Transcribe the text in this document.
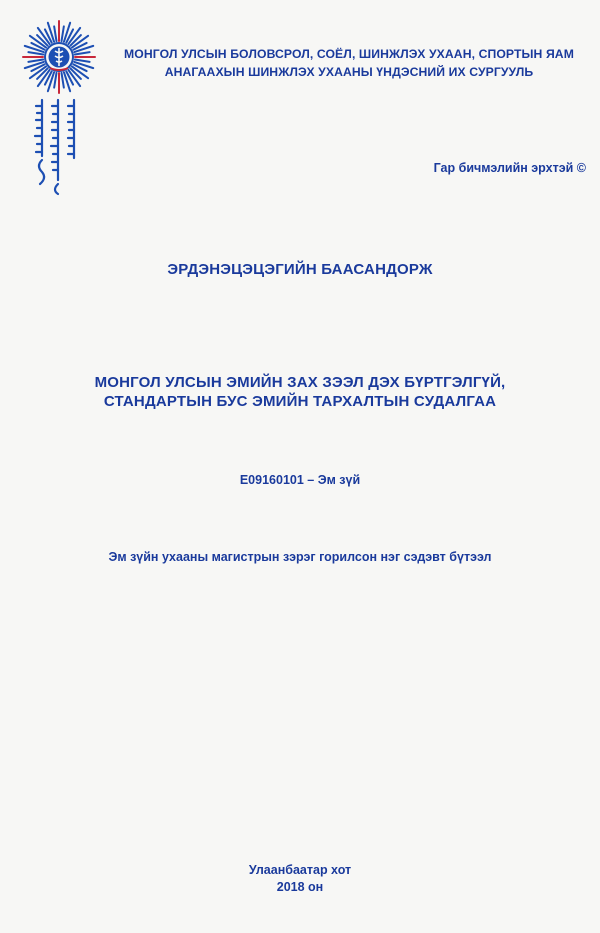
МОНГОЛ УЛСЫН БОЛОВСРОЛ, СОЁЛ, ШИНЖЛЭХ УХААН, СПОРТЫН ЯАМ
АНАГААХЫН ШИНЖЛЭХ УХААНЫ ҮНДЭСНИЙ ИХ СУРГУУЛЬ
Гар бичмэлийн эрхтэй ©
ЭРДЭНЭЦЭЦЭГИЙН БААСАНДОРЖ
МОНГОЛ УЛСЫН ЭМИЙН ЗАХ ЗЭЭЛ ДЭХ БҮРТГЭЛГҮЙ,
СТАНДАРТЫН БУС ЭМИЙН ТАРХАЛТЫН СУДАЛГАА
E09160101 – Эм зүй
Эм зүйн ухааны магистрын зэрэг горилсон нэг сэдэвт бүтээл
Улаанбаатар хот
2018 он
